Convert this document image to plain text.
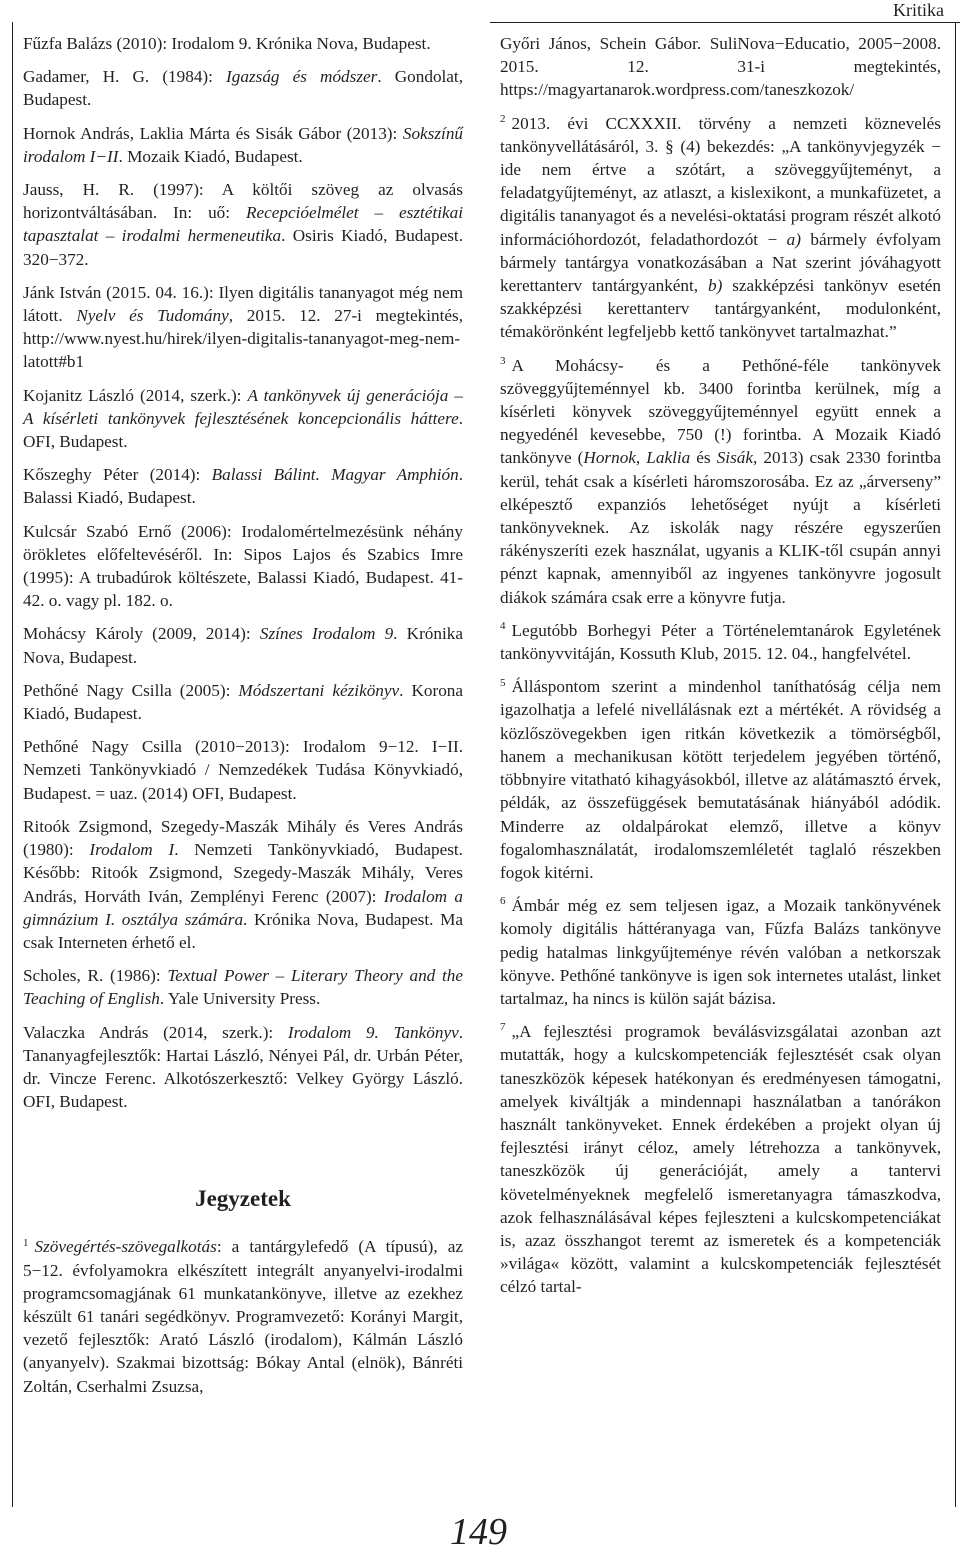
Kritika

Fűzfa Balázs (2010): Irodalom 9. Krónika Nova, Budapest.

Gadamer, H. G. (1984): Igazság és módszer. Gondolat, Budapest.

Hornok András, Laklia Márta és Sisák Gábor (2013): Sokszínű irodalom I−II. Mozaik Kiadó, Budapest.

Jauss, H. R. (1997): A költői szöveg az olvasás horizontváltásában. In: uő: Recepcióelmélet – esztétikai tapasztalat – irodalmi hermeneutika. Osiris Kiadó, Budapest. 320−372.

Jánk István (2015. 04. 16.): Ilyen digitális tananyagot még nem látott. Nyelv és Tudomány, 2015. 12. 27-i megtekintés, http://www.nyest.hu/hirek/ilyen-digitalis-tananyagot-meg-nem-latott#b1

Kojanitz László (2014, szerk.): A tankönyvek új generációja – A kísérleti tankönyvek fejlesztésének koncepcionális háttere. OFI, Budapest.

Kőszeghy Péter (2014): Balassi Bálint. Magyar Amphión. Balassi Kiadó, Budapest.

Kulcsár Szabó Ernő (2006): Irodalomértelmezésünk néhány örökletes előfeltevéséről. In: Sipos Lajos és Szabics Imre (1995): A trubadúrok költészete, Balassi Kiadó, Budapest. 41-42. o. vagy pl. 182. o.

Mohácsy Károly (2009, 2014): Színes Irodalom 9. Krónika Nova, Budapest.

Pethőné Nagy Csilla (2005): Módszertani kézikönyv. Korona Kiadó, Budapest.

Pethőné Nagy Csilla (2010−2013): Irodalom 9−12. I−II. Nemzeti Tankönyvkiadó / Nemzedékek Tudása Könyvkiadó, Budapest. = uaz. (2014) OFI, Budapest.

Ritoók Zsigmond, Szegedy-Maszák Mihály és Veres András (1980): Irodalom I. Nemzeti Tankönyvkiadó, Budapest. Később: Ritoók Zsigmond, Szegedy-Maszák Mihály, Veres András, Horváth Iván, Zemplényi Ferenc (2007): Irodalom a gimnázium I. osztálya számára. Krónika Nova, Budapest. Ma csak Interneten érhető el.

Scholes, R. (1986): Textual Power – Literary Theory and the Teaching of English. Yale University Press.

Valaczka András (2014, szerk.): Irodalom 9. Tankönyv. Tananyagfejlesztők: Hartai László, Nényei Pál, dr. Urbán Péter, dr. Vincze Ferenc. Alkotószerkesztő: Velkey György László. OFI, Budapest.

Jegyzetek

$^1$ Szövegértés-szövegalkotás: a tantárgylefedő (A típusú), az 5−12. évfolyamokra elkészített integrált anyanyelvi-irodalmi programcsomagjának 61 munkatankönyve, illetve az ezekhez készült 61 tanári segédkönyv. Programvezető: Korányi Margit, vezető fejlesztők: Arató László (irodalom), Kálmán László (anyanyelv). Szakmai bizottság: Bókay Antal (elnök), Bánréti Zoltán, Cserhalmi Zsuzsa,

Győri János, Schein Gábor. SuliNova−Educatio, 2005−2008. 2015. 12. 31-i megtekintés, https://magyartanarok.wordpress.com/taneszkozok/

$^2$ 2013. évi CCXXXII. törvény a nemzeti köznevelés tankönyvellátásáról, 3. § (4) bekezdés: „A tankönyvjegyzék − ide nem értve a szótárt, a szöveggyűjteményt, a feladatgyűjteményt, az atlaszt, a kislexikont, a munkafüzetet, a digitális tananyagot és a nevelési-oktatási program részét alkotó információhordozót, feladathordozót − a) bármely évfolyam bármely tantárgya vonatkozásában a Nat szerint jóváhagyott kerettanterv tantárgyanként, b) szakképzési tankönyv esetén szakképzési kerettanterv tantárgyanként, modulonként, témakörönként legfeljebb kettő tankönyvet tartalmazhat.”

$^3$ A Mohácsy- és a Pethőné-féle tankönyvek szöveggyűjteménnyel kb. 3400 forintba kerülnek, míg a kísérleti könyvek szöveggyűjteménnyel együtt ennek a negyedénél kevesebbe, 750 (!) forintba. A Mozaik Kiadó tankönyve (Hornok, Laklia és Sisák, 2013) csak 2330 forintba kerül, tehát csak a kísérleti háromszorosába. Ez az „árverseny” elképesztő expanziós lehetőséget nyújt a kísérleti tankönyveknek. Az iskolák nagy részére egyszerűen rákényszeríti ezek használat, ugyanis a KLIK-től csupán annyi pénzt kapnak, amennyiből az ingyenes tankönyvre jogosult diákok számára csak erre a könyvre futja.

$^4$ Legutóbb Borhegyi Péter a Történelemtanárok Egyletének tankönyvvitáján, Kossuth Klub, 2015. 12. 04., hangfelvétel.

$^5$ Álláspontom szerint a mindenhol taníthatóság célja nem igazolhatja a lefelé nivellálásnak ezt a mértékét. A rövidség a közlőszövegekben igen ritkán következik a tömörségből, hanem a mechanikusan kötött terjedelem jegyében történő, többnyire vitatható kihagyásokból, illetve az alátámasztó érvek, példák, az összefüggések bemutatásának hiányából adódik. Minderre az oldalpárokat elemző, illetve a könyv fogalomhasználatát, irodalomszemléletét taglaló részekben fogok kitérni.

$^6$ Ámbár még ez sem teljesen igaz, a Mozaik tankönyvének komoly digitális háttéranyaga van, Fűzfa Balázs tankönyve pedig hatalmas linkgyűjteménye révén valóban a netkorszak könyve. Pethőné tankönyve is igen sok internetes utalást, linket tartalmaz, ha nincs is külön saját bázisa.

$^7$ „A fejlesztési programok beválásvizsgálatai azonban azt mutatták, hogy a kulcskompetenciák fejlesztését csak olyan taneszközök képesek hatékonyan és eredményesen támogatni, amelyek kiváltják a mindennapi használatban a tanórákon használt tankönyveket. Ennek érdekében a projekt olyan új fejlesztési irányt céloz, amely létrehozza a tankönyvek, taneszközök új generációját, amely a tantervi követelményeknek megfelelő ismeretanyagra támaszkodva, azok felhasználásával képes fejleszteni a kulcskompetenciákat is, azaz összhangot teremt az ismeretek és a kompetenciák »világa« között, valamint a kulcskompetenciák fejlesztését célzó tartal-

149
